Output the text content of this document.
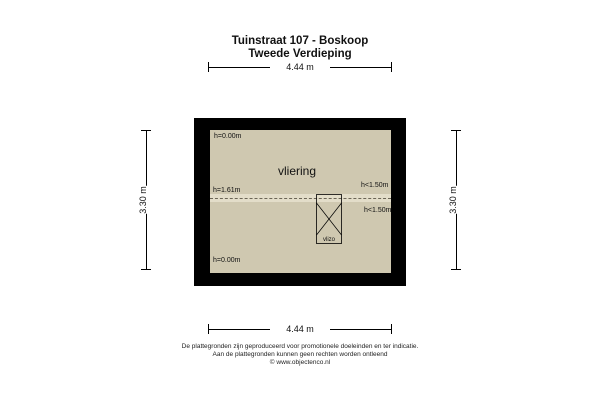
Tuinstraat 107 - Boskoop
Tweede Verdieping
4.44 m
4.44 m
3.30 m	3.30 m
h=0.00m
vliering
h=1.61m
h<1.50m
h<1.50m
h=0.00m
vlizo
De plattegronden zijn geproduceerd voor promotionele doeleinden en ter indicatie.
Aan de plattegronden kunnen geen rechten worden ontleend
© www.objectenco.nl
